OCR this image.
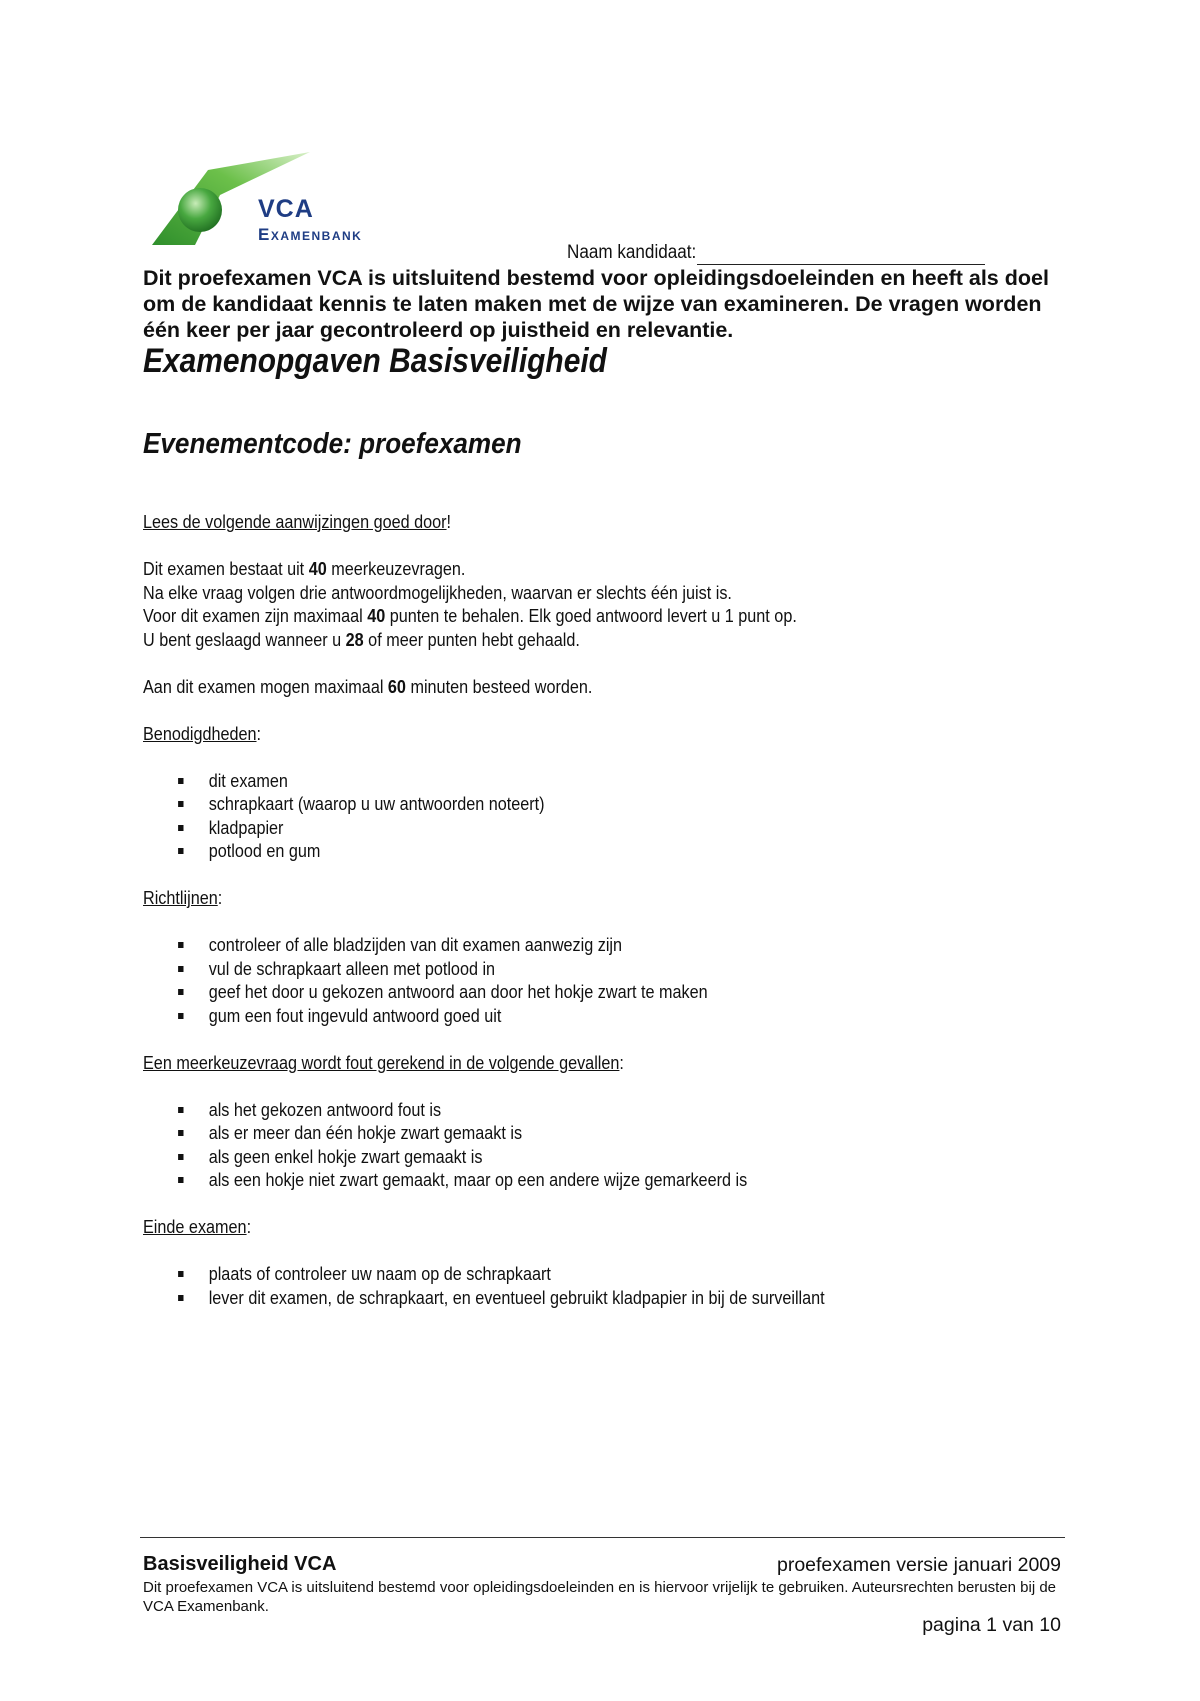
VCA
Examenbank
Naam kandidaat:
Dit proefexamen VCA is uitsluitend bestemd voor opleidingsdoeleinden en heeft als doel om de kandidaat kennis te laten maken met de wijze van examineren. De vragen worden één keer per jaar gecontroleerd op juistheid en relevantie.
Examenopgaven Basisveiligheid
Evenementcode: proefexamen
Lees de volgende aanwijzingen goed door!
Dit examen bestaat uit 40 meerkeuzevragen.
Na elke vraag volgen drie antwoordmogelijkheden, waarvan er slechts één juist is.
Voor dit examen zijn maximaal 40 punten te behalen. Elk goed antwoord levert u 1 punt op.
U bent geslaagd wanneer u 28 of meer punten hebt gehaald.
Aan dit examen mogen maximaal 60 minuten besteed worden.
Benodigdheden:
dit examen
schrapkaart (waarop u uw antwoorden noteert)
kladpapier
potlood en gum
Richtlijnen:
controleer of alle bladzijden van dit examen aanwezig zijn
vul de schrapkaart alleen met potlood in
geef het door u gekozen antwoord aan door het hokje zwart te maken
gum een fout ingevuld antwoord goed uit
Een meerkeuzevraag wordt fout gerekend in de volgende gevallen:
als het gekozen antwoord fout is
als er meer dan één hokje zwart gemaakt is
als geen enkel hokje zwart gemaakt is
als een hokje niet zwart gemaakt, maar op een andere wijze gemarkeerd is
Einde examen:
plaats of controleer uw naam op de schrapkaart
lever dit examen, de schrapkaart, en eventueel gebruikt kladpapier in bij de surveillant
Basisveiligheid VCA	proefexamen versie januari 2009
Dit proefexamen VCA is uitsluitend bestemd voor opleidingsdoeleinden en is hiervoor vrijelijk te gebruiken. Auteursrechten berusten bij de VCA Examenbank.
pagina 1 van 10
